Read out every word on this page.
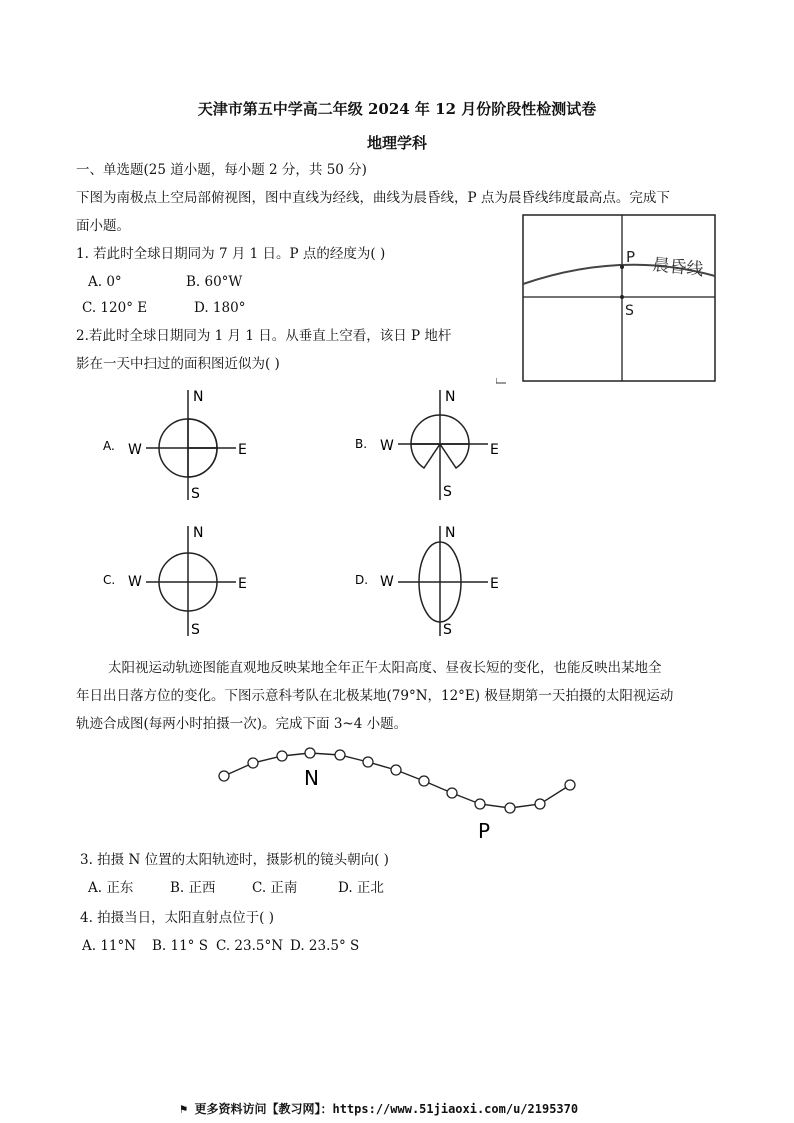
天津市第五中学高二年级 2024 年 12 月份阶段性检测试卷
地理学科
一、单选题(25 道小题，每小题 2 分，共 50 分)
下图为南极点上空局部俯视图，图中直线为经线，曲线为晨昏线，P 点为晨昏线纬度最高点。完成下
面小题。
P 晨昏线
S
1. 若此时全球日期同为 7 月 1 日。P 点的经度为( )
A. 0°	B. 60°W
C. 120° E	D. 180°
2.若此时全球日期同为 1 月 1 日。从垂直上空看，该日 P 地杆
影在一天中扫过的面积图近似为( )
A.
N
S
E
W	B.
N
S
E
W
C.
N
S
E
W	D.
N
S
E
W
太阳视运动轨迹图能直观地反映某地全年正午太阳高度、昼夜长短的变化，也能反映出某地全
年日出日落方位的变化。下图示意科考队在北极某地(79°N，12°E) 极昼期第一天拍摄的太阳视运动
轨迹合成图(每两小时拍摄一次)。完成下面 3~4 小题。
N
P
3. 拍摄 N 位置的太阳轨迹时，摄影机的镜头朝向( )
A. 正东	B. 正西	C. 正南	D. 正北
4. 拍摄当日，太阳直射点位于( )
A. 11°N B. 11° S C. 23.5°N D. 23.5° S
⚑ 更多资料访问【教习网】：https://www.51jiaoxi.com/u/2195370
